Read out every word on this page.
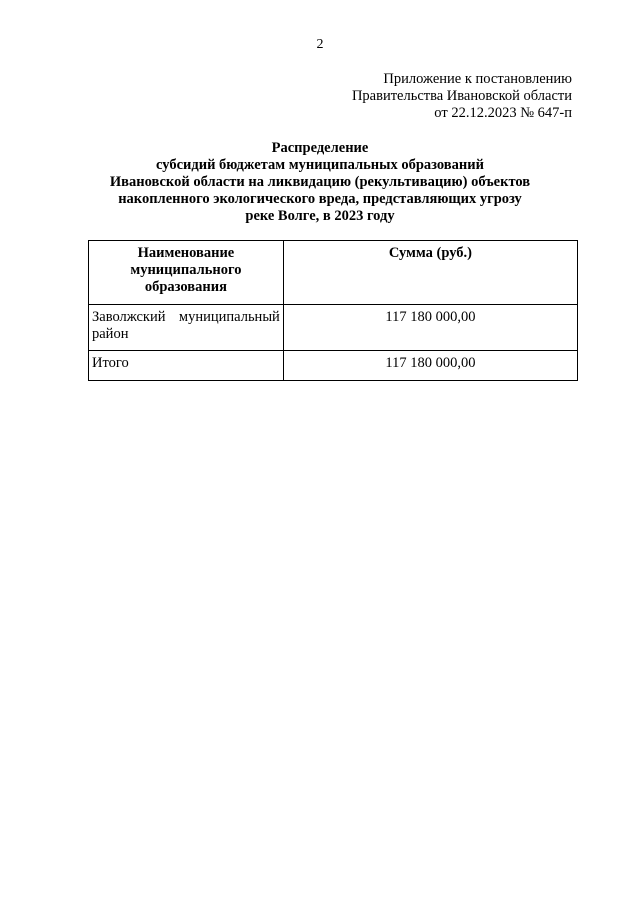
2
Приложение к постановлению
Правительства Ивановской области
от 22.12.2023 № 647-п
Распределение
субсидий бюджетам муниципальных образований
Ивановской области на ликвидацию (рекультивацию) объектов
накопленного экологического вреда, представляющих угрозу
реке Волге, в 2023 году
Наименование
муниципального
образования	Сумма (руб.)
Заволжский муниципальный район	117 180 000,00
Итого	117 180 000,00
